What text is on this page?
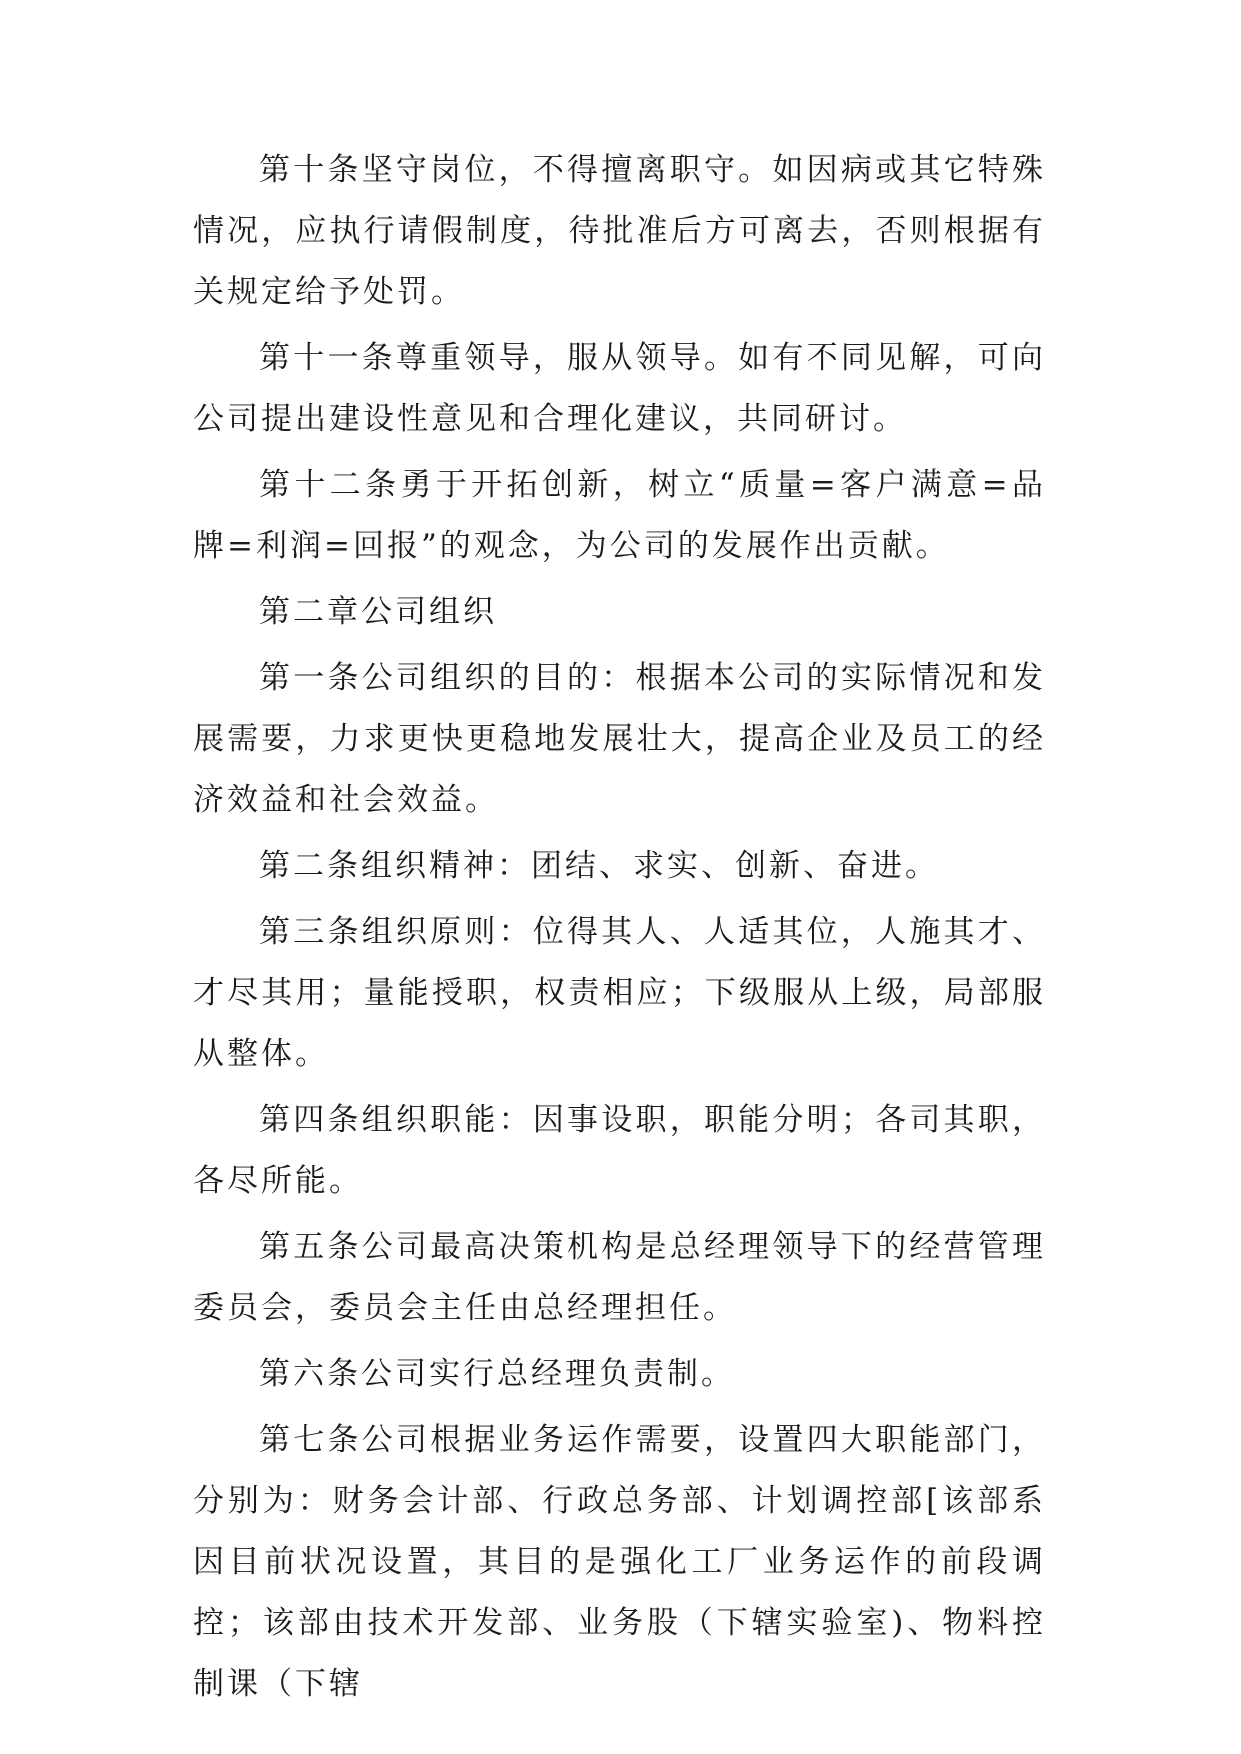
第十条坚守岗位，不得擅离职守。如因病或其它特殊情况，应执行请假制度，待批准后方可离去，否则根据有关规定给予处罚。

第十一条尊重领导，服从领导。如有不同见解，可向公司提出建设性意见和合理化建议，共同研讨。

第十二条勇于开拓创新，树立“质量=客户满意=品牌=利润=回报”的观念，为公司的发展作出贡献。

第二章公司组织

第一条公司组织的目的：根据本公司的实际情况和发展需要，力求更快更稳地发展壮大，提高企业及员工的经济效益和社会效益。

第二条组织精神：团结、求实、创新、奋进。

第三条组织原则：位得其人、人适其位，人施其才、才尽其用；量能授职，权责相应；下级服从上级，局部服从整体。

第四条组织职能：因事设职，职能分明；各司其职，各尽所能。

第五条公司最高决策机构是总经理领导下的经营管理委员会，委员会主任由总经理担任。

第六条公司实行总经理负责制。

第七条公司根据业务运作需要，设置四大职能部门，分别为：财务会计部、行政总务部、计划调控部[该部系因目前状况设置，其目的是强化工厂业务运作的前段调控；该部由技术开发部、业务股（下辖实验室)、物料控制课（下辖
